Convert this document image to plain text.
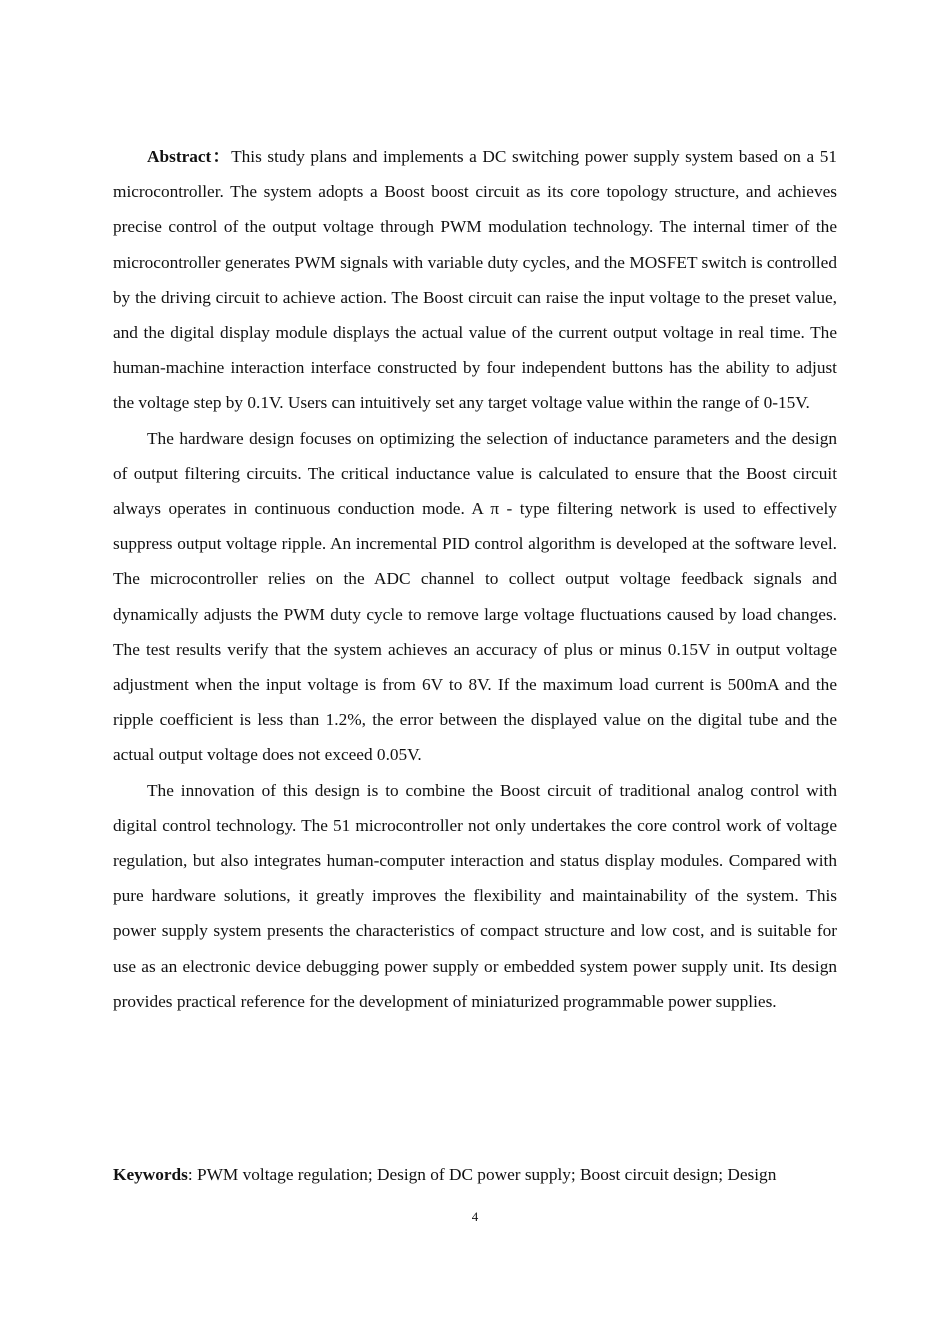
Abstract：This study plans and implements a DC switching power supply system based on a 51 microcontroller. The system adopts a Boost boost circuit as its core topology structure, and achieves precise control of the output voltage through PWM modulation technology. The internal timer of the microcontroller generates PWM signals with variable duty cycles, and the MOSFET switch is controlled by the driving circuit to achieve action. The Boost circuit can raise the input voltage to the preset value, and the digital display module displays the actual value of the current output voltage in real time. The human-machine interaction interface constructed by four independent buttons has the ability to adjust the voltage step by 0.1V. Users can intuitively set any target voltage value within the range of 0-15V.

The hardware design focuses on optimizing the selection of inductance parameters and the design of output filtering circuits. The critical inductance value is calculated to ensure that the Boost circuit always operates in continuous conduction mode. A π - type filtering network is used to effectively suppress output voltage ripple. An incremental PID control algorithm is developed at the software level. The microcontroller relies on the ADC channel to collect output voltage feedback signals and dynamically adjusts the PWM duty cycle to remove large voltage fluctuations caused by load changes. The test results verify that the system achieves an accuracy of plus or minus 0.15V in output voltage adjustment when the input voltage is from 6V to 8V. If the maximum load current is 500mA and the ripple coefficient is less than 1.2%, the error between the displayed value on the digital tube and the actual output voltage does not exceed 0.05V.

The innovation of this design is to combine the Boost circuit of traditional analog control with digital control technology. The 51 microcontroller not only undertakes the core control work of voltage regulation, but also integrates human-computer interaction and status display modules. Compared with pure hardware solutions, it greatly improves the flexibility and maintainability of the system. This power supply system presents the characteristics of compact structure and low cost, and is suitable for use as an electronic device debugging power supply or embedded system power supply unit. Its design provides practical reference for the development of miniaturized programmable power supplies.

Keywords: PWM voltage regulation; Design of DC power supply; Boost circuit design; Design
4
